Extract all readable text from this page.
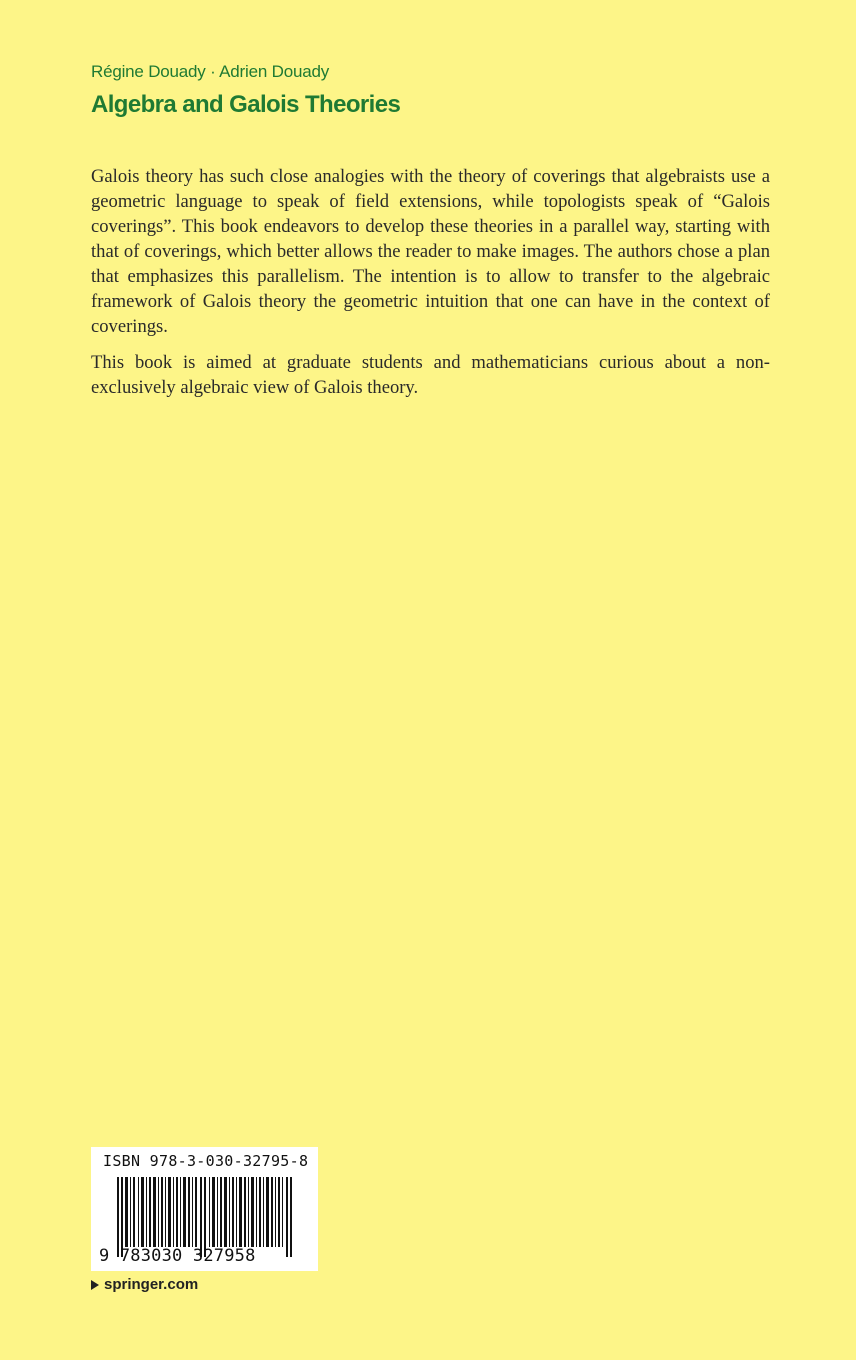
Régine Douady · Adrien Douady
Algebra and Galois Theories

Galois theory has such close analogies with the theory of coverings that algebraists use a geometric language to speak of field extensions, while topologists speak of “Galois coverings”. This book endeavors to develop these theories in a parallel way, starting with that of coverings, which better allows the reader to make images. The authors chose a plan that emphasizes this parallelism. The intention is to allow to transfer to the algebraic framework of Galois theory the geometric intuition that one can have in the context of coverings.

This book is aimed at graduate students and mathematicians curious about a non-exclusively algebraic view of Galois theory.

ISBN 978-3-030-32795-8
9 783030 327958
springer.com
